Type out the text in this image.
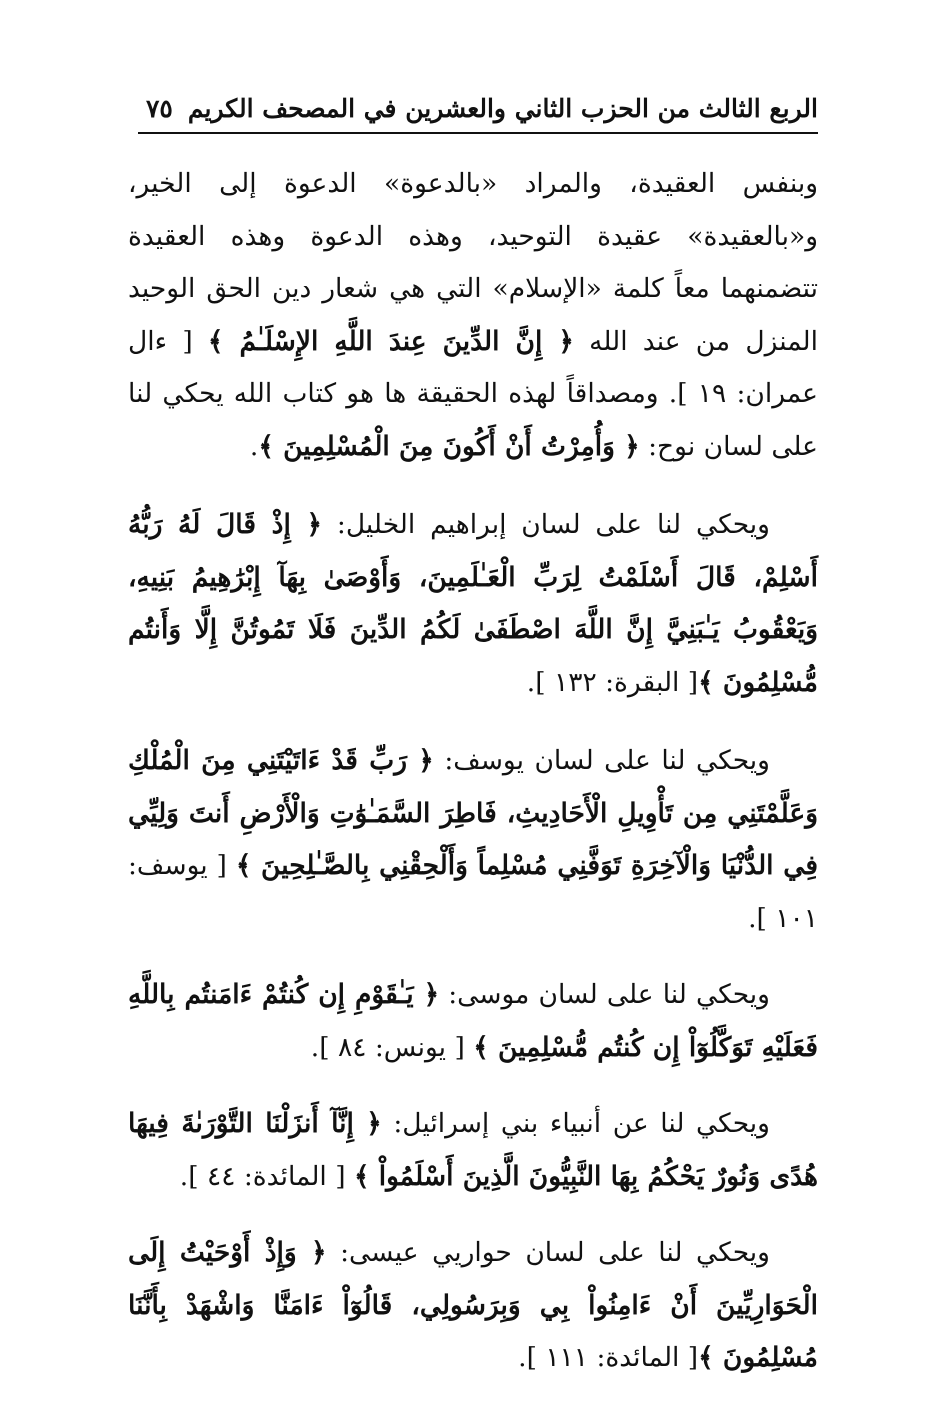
الربع الثالث من الحزب الثاني والعشرين في المصحف الكريم
٧٥

وبنفس العقيدة، والمراد «بالدعوة» الدعوة إلى الخير، و«بالعقيدة» عقيدة التوحيد، وهذه الدعوة وهذه العقيدة تتضمنهما معاً كلمة «الإسلام» التي هي شعار دين الحق الوحيد المنزل من عند الله ﴿ إِنَّ الدِّينَ عِندَ اللَّهِ الإِسْلَـٰمُ ﴾ [ ءال عمران: ١٩ ]. ومصداقاً لهذه الحقيقة ها هو كتاب الله يحكي لنا على لسان نوح: ﴿ وَأُمِرْتُ أَنْ أَكُونَ مِنَ الْمُسْلِمِينَ ﴾.

ويحكي لنا على لسان إبراهيم الخليل: ﴿ إِذْ قَالَ لَهُ رَبُّهُ أَسْلِمْ، قَالَ أَسْلَمْتُ لِرَبِّ الْعَـٰلَمِينَ، وَأَوْصَىٰ بِهَآ إِبْرَٰهِيمُ بَنِيهِ، وَيَعْقُوبُ يَـٰبَنِيَّ إِنَّ اللَّهَ اصْطَفَىٰ لَكُمُ الدِّينَ فَلَا تَمُوتُنَّ إِلَّا وَأَنتُم مُّسْلِمُونَ ﴾[ البقرة: ١٣٢ ].

ويحكي لنا على لسان يوسف: ﴿ رَبِّ قَدْ ءَاتَيْتَنِي مِنَ الْمُلْكِ وَعَلَّمْتَنِي مِن تَأْوِيلِ الْأَحَادِيثِ، فَاطِرَ السَّمَـٰوَٰتِ وَالْأَرْضِ أَنتَ وَلِيِّي فِي الدُّنْيَا وَالْآخِرَةِ تَوَفَّنِي مُسْلِماً وَأَلْحِقْنِي بِالصَّـٰلِحِينَ ﴾ [ يوسف: ١٠١ ].

ويحكي لنا على لسان موسى: ﴿ يَـٰقَوْمِ إِن كُنتُمْ ءَامَنتُم بِاللَّهِ فَعَلَيْهِ تَوَكَّلُوٓاْ إِن كُنتُم مُّسْلِمِينَ ﴾ [ يونس: ٨٤ ].

ويحكي لنا عن أنبياء بني إسرائيل: ﴿ إِنَّآ أَنزَلْنَا التَّوْرَىٰةَ فِيهَا هُدًى وَنُورٌ يَحْكُمُ بِهَا النَّبِيُّونَ الَّذِينَ أَسْلَمُواْ ﴾ [ المائدة: ٤٤ ].

ويحكي لنا على لسان حواريي عيسى: ﴿ وَإِذْ أَوْحَيْتُ إِلَى الْحَوَارِيِّينَ أَنْ ءَامِنُواْ بِي وَبِرَسُولِي، قَالُوٓاْ ءَامَنَّا وَاشْهَدْ بِأَنَّنَا مُسْلِمُونَ ﴾[ المائدة: ١١١ ].
